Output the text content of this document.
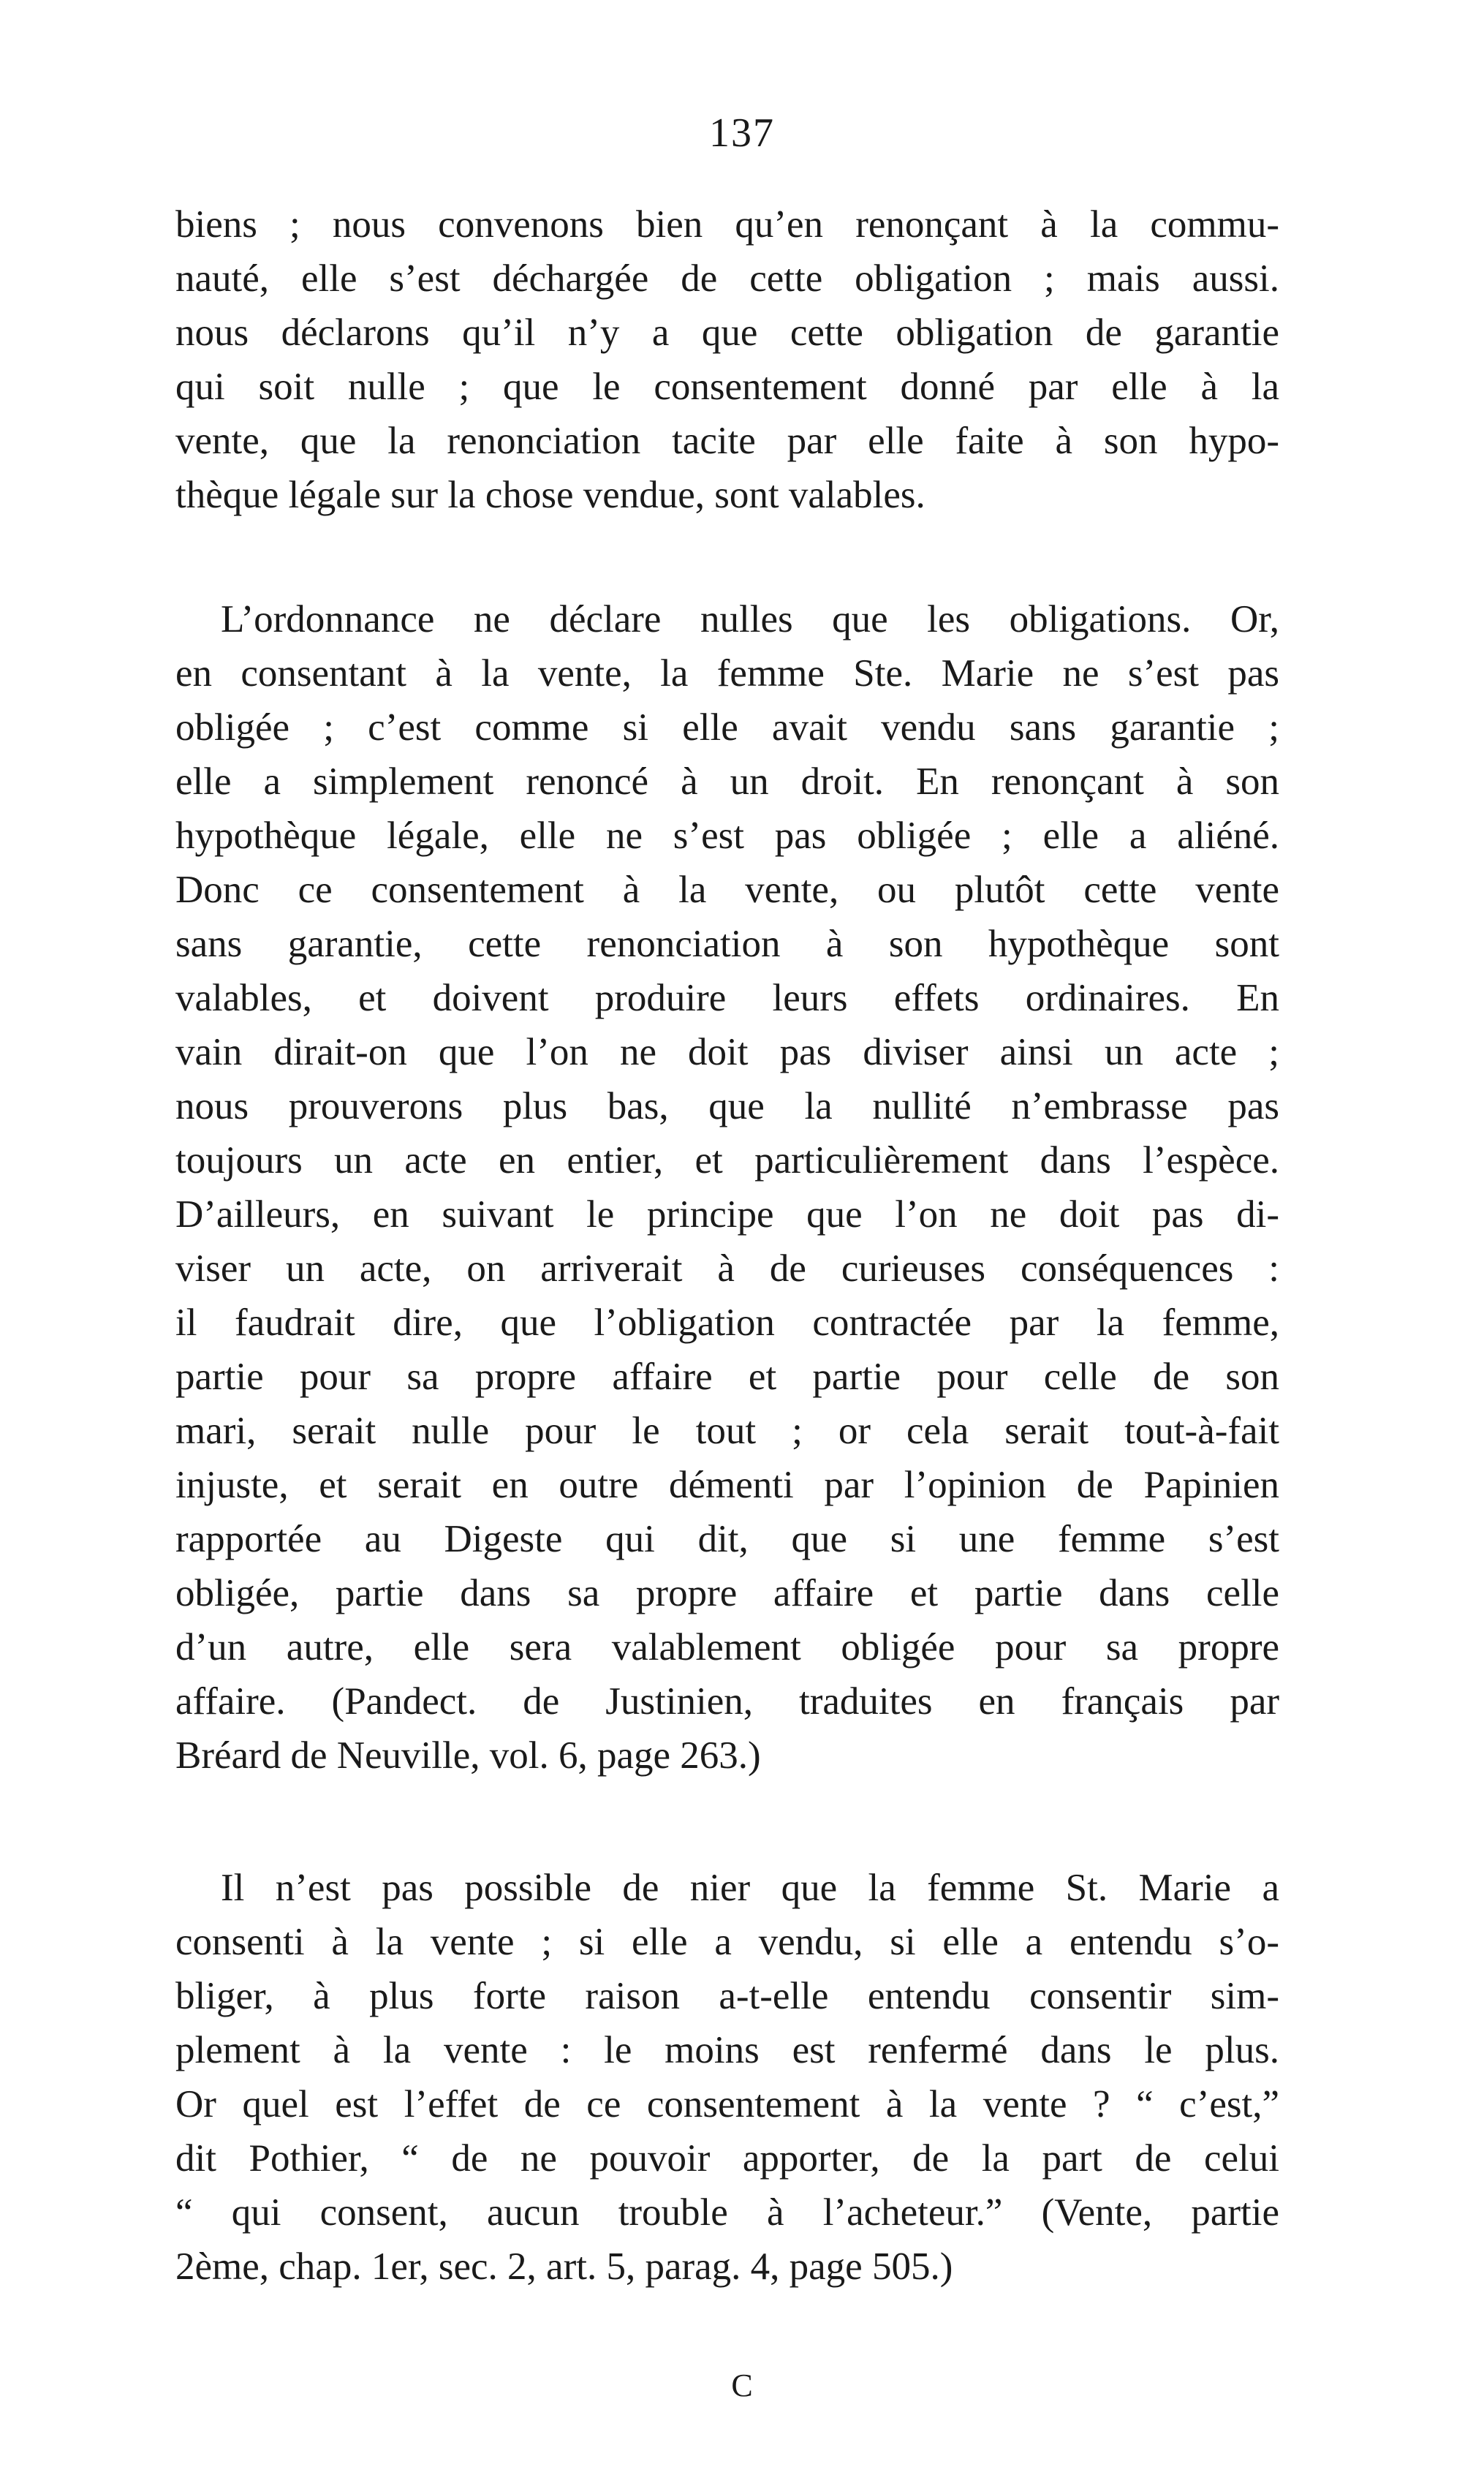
137
biens ; nous convenons bien qu’en renonçant à la commu-
nauté, elle s’est déchargée de cette obligation ; mais aussi.
nous déclarons qu’il n’y a que cette obligation de garantie
qui soit nulle ; que le consentement donné par elle à la
vente, que la renonciation tacite par elle faite à son hypo-
thèque légale sur la chose vendue, sont valables.
L’ordonnance ne déclare nulles que les obligations. Or,
en consentant à la vente, la femme Ste. Marie ne s’est pas
obligée ; c’est comme si elle avait vendu sans garantie ;
elle a simplement renoncé à un droit. En renonçant à son
hypothèque légale, elle ne s’est pas obligée ; elle a aliéné.
Donc ce consentement à la vente, ou plutôt cette vente
sans garantie, cette renonciation à son hypothèque sont
valables, et doivent produire leurs effets ordinaires. En
vain dirait-on que l’on ne doit pas diviser ainsi un acte ;
nous prouverons plus bas, que la nullité n’embrasse pas
toujours un acte en entier, et particulièrement dans l’espèce.
D’ailleurs, en suivant le principe que l’on ne doit pas di-
viser un acte, on arriverait à de curieuses conséquences :
il faudrait dire, que l’obligation contractée par la femme,
partie pour sa propre affaire et partie pour celle de son
mari, serait nulle pour le tout ; or cela serait tout-à-fait
injuste, et serait en outre démenti par l’opinion de Papinien
rapportée au Digeste qui dit, que si une femme s’est
obligée, partie dans sa propre affaire et partie dans celle
d’un autre, elle sera valablement obligée pour sa propre
affaire. (Pandect. de Justinien, traduites en français par
Bréard de Neuville, vol. 6, page 263.)
Il n’est pas possible de nier que la femme St. Marie a
consenti à la vente ; si elle a vendu, si elle a entendu s’o-
bliger, à plus forte raison a-t-elle entendu consentir sim-
plement à la vente : le moins est renfermé dans le plus.
Or quel est l’effet de ce consentement à la vente ? “ c’est,”
dit Pothier, “ de ne pouvoir apporter, de la part de celui
“ qui consent, aucun trouble à l’acheteur.” (Vente, partie
2ème, chap. 1er, sec. 2, art. 5, parag. 4, page 505.)
C
